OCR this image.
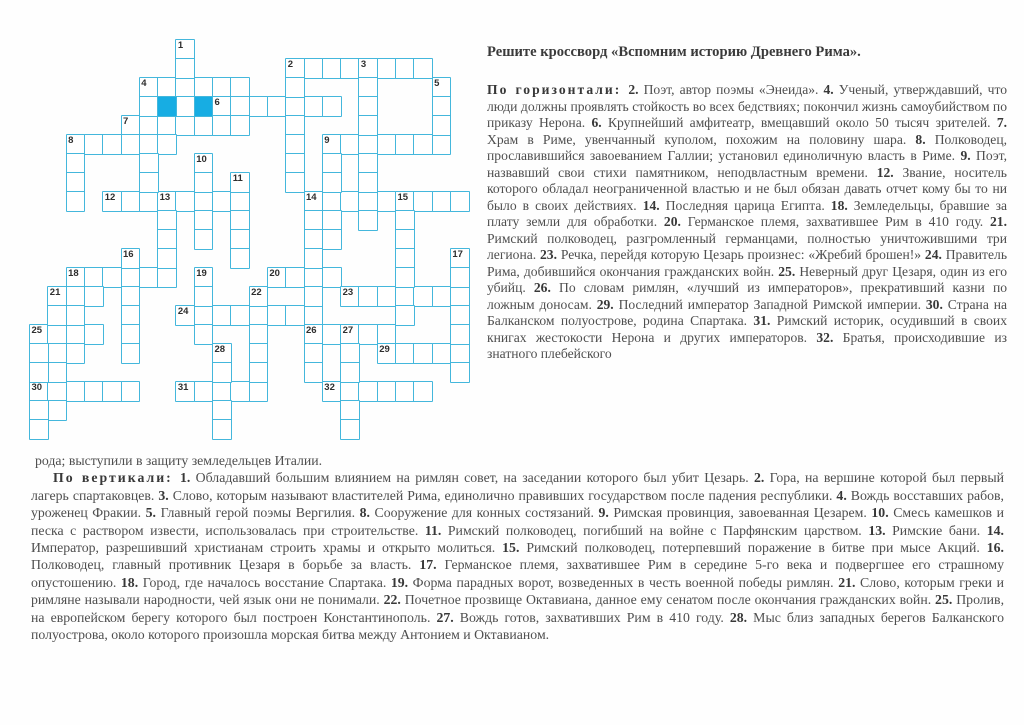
1
2	3
4	5
6
7
8	9
10
11
12	13	14	15
16	17
18	19	20
21	22	23
24
25	26	27
28	29
30	31	32
Решите кроссворд «Вспомним историю Древнего Рима».

По горизонтали: 2. Поэт, автор поэмы «Энеида». 4. Ученый, утверждавший, что люди должны проявлять стойкость во всех бедствиях; покончил жизнь самоубийством по приказу Нерона. 6. Крупнейший амфитеатр, вмещавший около 50 тысяч зрителей. 7. Храм в Риме, увенчанный куполом, похожим на половину шара. 8. Полководец, прославившийся завоеванием Галлии; установил единоличную власть в Риме. 9. Поэт, назвавший свои стихи памятником, неподвластным времени. 12. Звание, носитель которого обладал неограниченной властью и не был обязан давать отчет кому бы то ни было в своих действиях. 14. Последняя царица Египта. 18. Земледельцы, бравшие за плату земли для обработки. 20. Германское племя, захватившее Рим в 410 году. 21. Римский полководец, разгромленный германцами, полностью уничтожившими три легиона. 23. Речка, перейдя которую Цезарь произнес: «Жребий брошен!» 24. Правитель Рима, добившийся окончания гражданских войн. 25. Неверный друг Цезаря, один из его убийц. 26. По словам римлян, «лучший из императоров», прекративший казни по ложным доносам. 29. Последний император Западной Римской империи. 30. Страна на Балканском полуострове, родина Спартака. 31. Римский историк, осудивший в своих книгах жестокости Нерона и других императоров. 32. Братья, происходившие из знатного плебейского

рода; выступили в защиту земледельцев Италии.

По вертикали: 1. Обладавший большим влиянием на римлян совет, на заседании которого был убит Цезарь. 2. Гора, на вершине которой был первый лагерь спартаковцев. 3. Слово, которым называют властителей Рима, единолично правивших государством после падения республики. 4. Вождь восставших рабов, уроженец Фракии. 5. Главный герой поэмы Вергилия. 8. Сооружение для конных состязаний. 9. Римская провинция, завоеванная Цезарем. 10. Смесь камешков и песка с раствором извести, использовалась при строительстве. 11. Римский полководец, погибший на войне с Парфянским царством. 13. Римские бани. 14. Император, разрешивший христианам строить храмы и открыто молиться. 15. Римский полководец, потерпевший поражение в битве при мысе Акций. 16. Полководец, главный противник Цезаря в борьбе за власть. 17. Германское племя, захватившее Рим в середине 5-го века и подвергшее его страшному опустошению. 18. Город, где началось восстание Спартака. 19. Форма парадных ворот, возведенных в честь военной победы римлян. 21. Слово, которым греки и римляне называли народности, чей язык они не понимали. 22. Почетное прозвище Октавиана, данное ему сенатом после окончания гражданских войн. 25. Пролив, на европейском берегу которого был построен Константинополь. 27. Вождь готов, захвативших Рим в 410 году. 28. Мыс близ западных берегов Балканского полуострова, около которого произошла морская битва между Антонием и Октавианом.
